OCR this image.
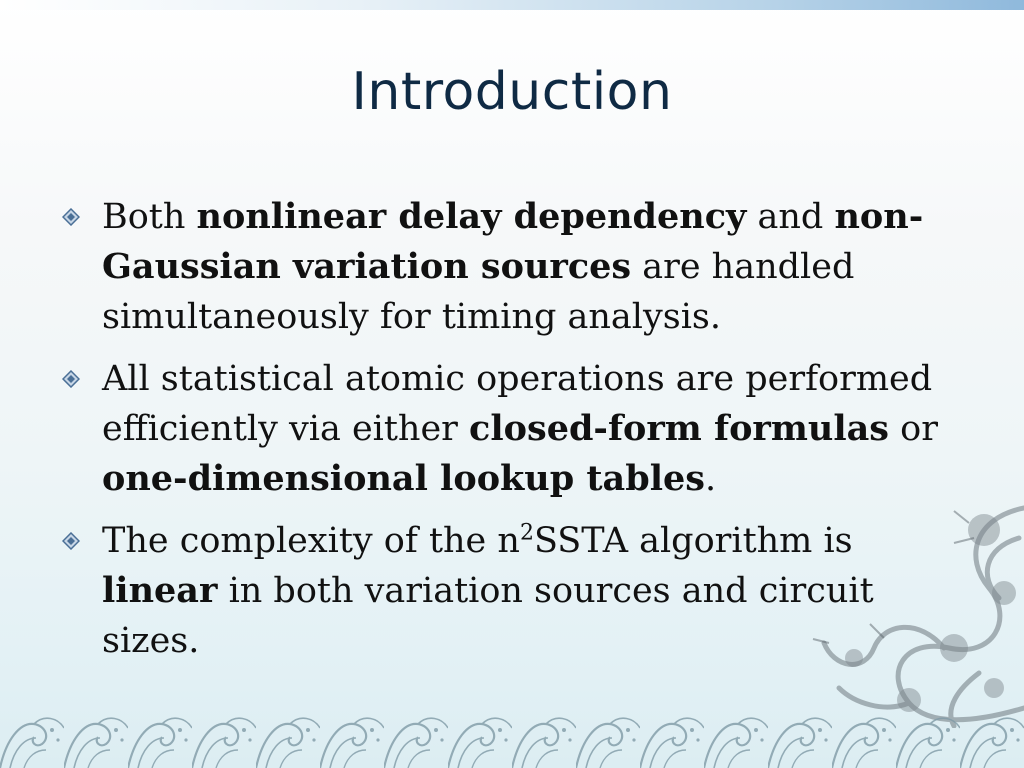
Introduction
Both nonlinear delay dependency and non-Gaussian variation sources are handled simultaneously for timing analysis.
All statistical atomic operations are performed efficiently via either closed-form formulas or one-dimensional lookup tables.
The complexity of the $n^2SSTA$ algorithm is linear in both variation sources and circuit sizes.
